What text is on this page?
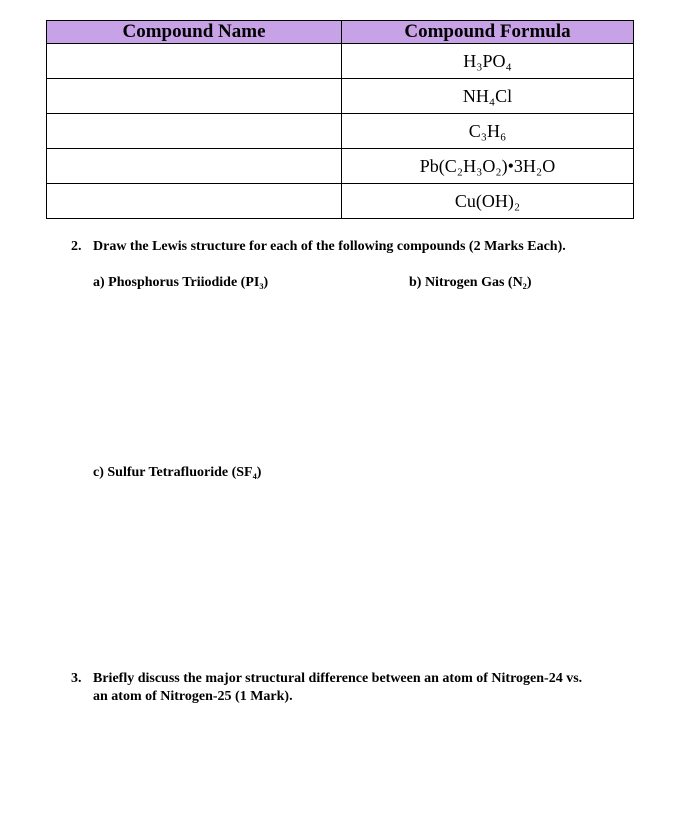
Compound Name	Compound Formula
	H₃PO₄
	NH₄Cl
	C₃H₆
	Pb(C₂H₃O₂)•3H₂O
	Cu(OH)₂
2. Draw the Lewis structure for each of the following compounds (2 Marks Each).
a) Phosphorus Triiodide (PI₃)	b) Nitrogen Gas (N₂)
c) Sulfur Tetrafluoride (SF₄)
3. Briefly discuss the major structural difference between an atom of Nitrogen-24 vs.
an atom of Nitrogen-25 (1 Mark).
